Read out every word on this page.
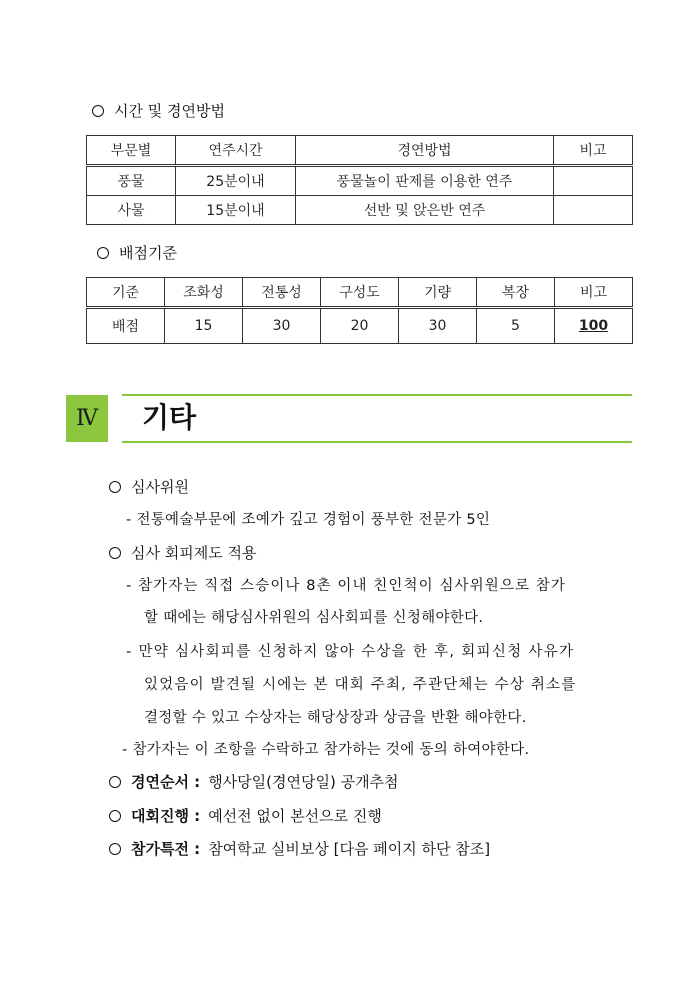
시간 및 경연방법
부문별	연주시간	경연방법	비고
풍물	25분이내	풍물놀이 판제를 이용한 연주	
사물	15분이내	선반 및 앉은반 연주	
배점기준
기준	조화성	전통성	구성도	기량	복장	비고
배점	15	30	20	30	5	100
Ⅳ	기타
심사위원
- 전통예술부문에 조예가 깊고 경험이 풍부한 전문가 5인
심사 회피제도 적용
- 참가자는 직접 스승이나 8촌 이내 친인척이 심사위원으로 참가
할 때에는 해당심사위원의 심사회피를 신청해야한다.
- 만약 심사회피를 신청하지 않아 수상을 한 후, 회피신청 사유가
있었음이 발견될 시에는 본 대회 주최, 주관단체는 수상 취소를
결정할 수 있고 수상자는 해당상장과 상금을 반환 해야한다.
- 참가자는 이 조항을 수락하고 참가하는 것에 동의 하여야한다.
경연순서 : 행사당일(경연당일) 공개추첨
대회진행 : 예선전 없이 본선으로 진행
참가특전 : 참여학교 실비보상 [다음 페이지 하단 참조]
